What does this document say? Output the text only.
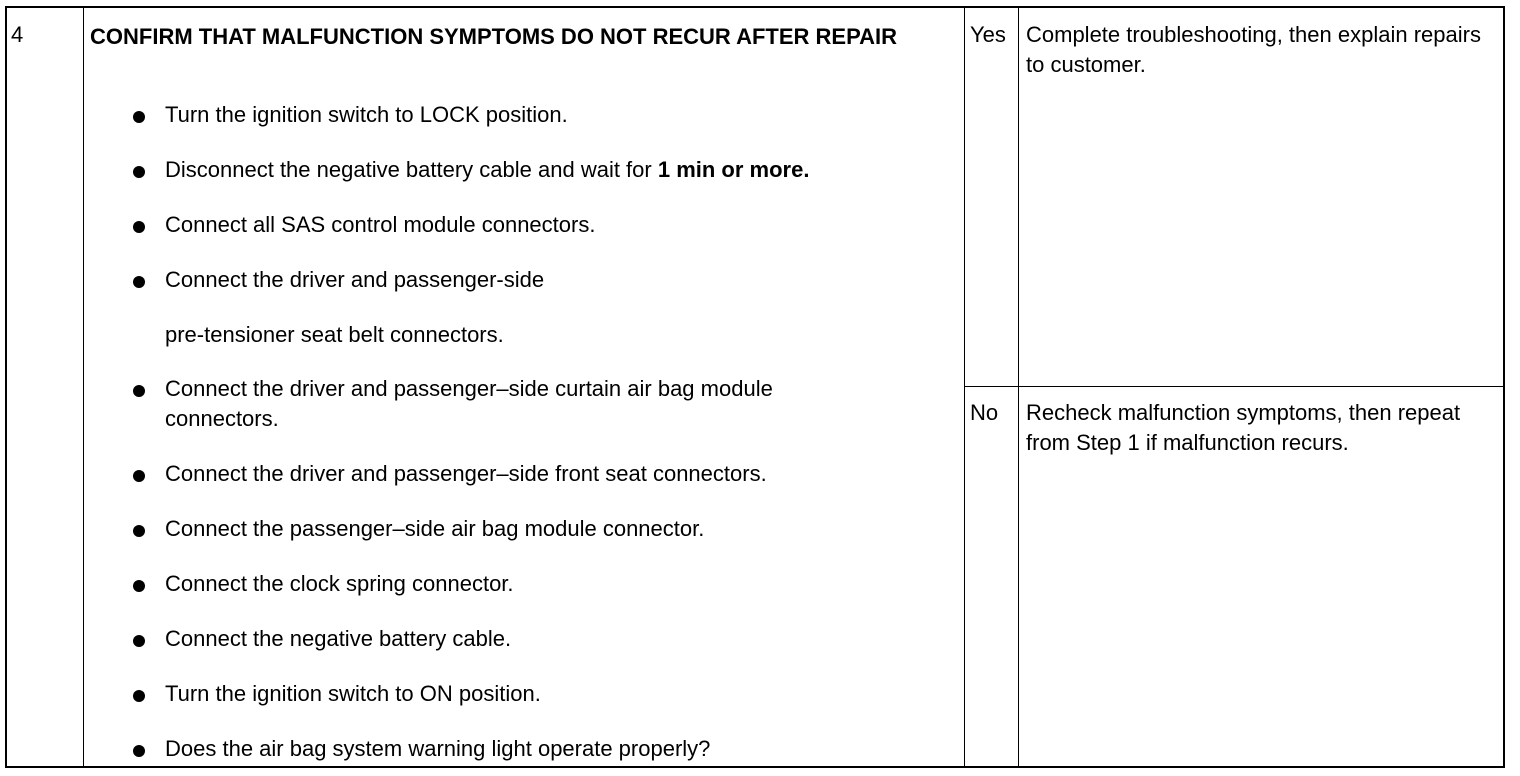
4	CONFIRM THAT MALFUNCTION SYMPTOMS DO NOT RECUR AFTER REPAIR
Turn the ignition switch to LOCK position.
Disconnect the negative battery cable and wait for 1 min or more.
Connect all SAS control module connectors.
Connect the driver and passenger-side
pre-tensioner seat belt connectors.
Connect the driver and passenger–side curtain air bag module
connectors.
Connect the driver and passenger–side front seat connectors.
Connect the passenger–side air bag module connector.
Connect the clock spring connector.
Connect the negative battery cable.
Turn the ignition switch to ON position.
Does the air bag system warning light operate properly?
Yes Complete troubleshooting, then explain repairs to customer.
No Recheck malfunction symptoms, then repeat from Step 1 if malfunction recurs.
